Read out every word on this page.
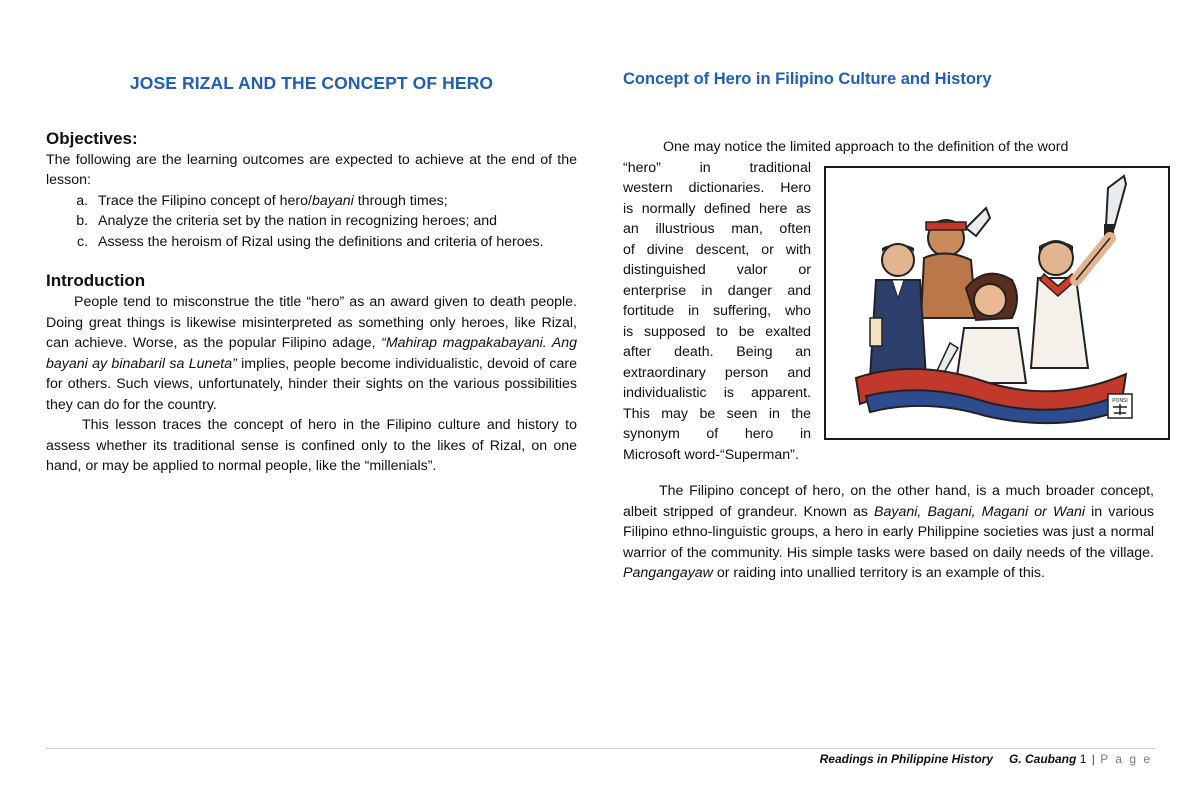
JOSE RIZAL AND THE CONCEPT OF HERO
Objectives:

The following are the learning outcomes are expected to achieve at the end of the lesson:

a. Trace the Filipino concept of hero/bayani through times;
b. Analyze the criteria set by the nation in recognizing heroes; and
c. Assess the heroism of Rizal using the definitions and criteria of heroes.
Introduction

People tend to misconstrue the title “hero” as an award given to death people. Doing great things is likewise misinterpreted as something only heroes, like Rizal, can achieve. Worse, as the popular Filipino adage, “Mahirap magpakabayani. Ang bayani ay binabaril sa Luneta” implies, people become individualistic, devoid of care for others. Such views, unfortunately, hinder their sights on the various possibilities they can do for the country.

This lesson traces the concept of hero in the Filipino culture and history to assess whether its traditional sense is confined only to the likes of Rizal, on one hand, or may be applied to normal people, like the “millenials”.

Concept of Hero in Filipino Culture and History
One may notice the limited approach to the definition of the word
“hero” in traditional
western dictionaries. Hero
is normally defined here as
an illustrious man, often
of divine descent, or with
distinguished valor or
enterprise in danger and
fortitude in suffering, who
is supposed to be exalted
after death. Being an
extraordinary person and
individualistic is apparent.
This may be seen in the
synonym of hero in
Microsoft word-“Superman”.
PONSI

The Filipino concept of hero, on the other hand, is a much broader concept, albeit stripped of grandeur. Known as Bayani, Bagani, Magani or Wani in various Filipino ethno-linguistic groups, a hero in early Philippine societies was just a normal warrior of the community. His simple tasks were based on daily needs of the village. Pangangayaw or raiding into unallied territory is an example of this.

Readings in Philippine History G. Caubang 1 | P a g e
